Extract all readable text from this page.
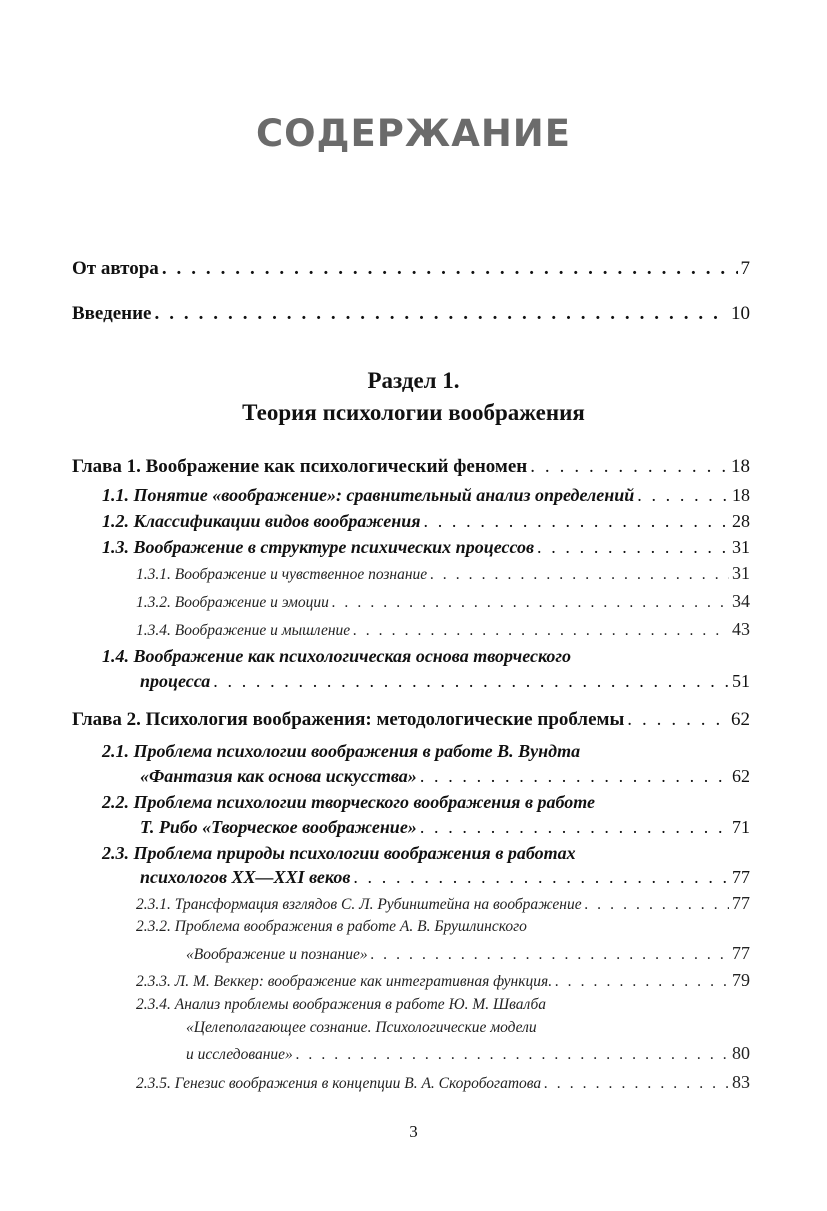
СОДЕРЖАНИЕ
От автора . . .	7
Введение . . .	10
Раздел 1.
Теория психологии воображения
Глава 1. Воображение как психологический феномен . . .	18
1.1. Понятие «воображение»: сравнительный анализ определений . . .	18
1.2. Классификации видов воображения . . .	28
1.3. Воображение в структуре психических процессов . . .	31
1.3.1. Воображение и чувственное познание . . .	31
1.3.2. Воображение и эмоции . . .	34
1.3.4. Воображение и мышление . . .	43
1.4. Воображение как психологическая основа творческого
процесса . . .	51
Глава 2. Психология воображения: методологические проблемы . . .	62
2.1. Проблема психологии воображения в работе В. Вундта
«Фантазия как основа искусства» . . .	62
2.2. Проблема психологии творческого воображения в работе
Т. Рибо «Творческое воображение» . . .	71
2.3. Проблема природы психологии воображения в работах
психологов XX—XXI веков . . .	77
2.3.1. Трансформация взглядов С. Л. Рубинштейна на воображение . . .	77
2.3.2. Проблема воображения в работе А. В. Брушлинского
«Воображение и познание» . . .	77
2.3.3. Л. М. Веккер: воображение как интегративная функция. . . .	79
2.3.4. Анализ проблемы воображения в работе Ю. М. Швалба
«Целеполагающее сознание. Психологические модели
и исследование» . . .	80
2.3.5. Генезис воображения в концепции В. А. Скоробогатова . . .	83
3
